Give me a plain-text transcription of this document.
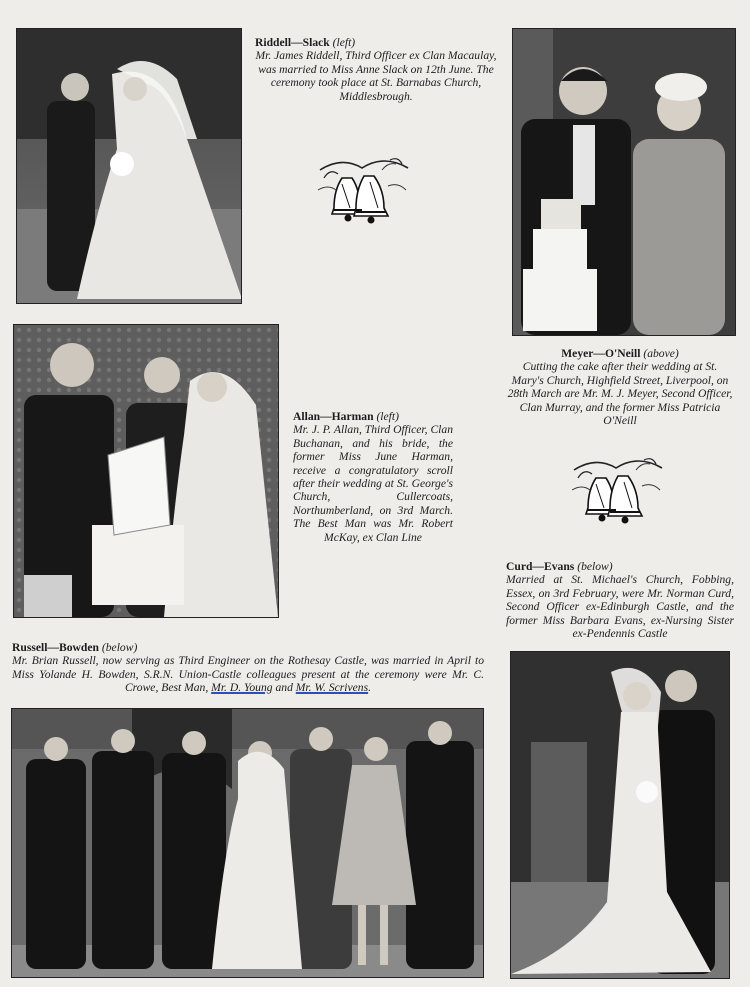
Riddell—Slack (left)
Mr. James Riddell, Third Officer ex Clan Macaulay, was married to Miss Anne Slack on 12th June. The ceremony took place at St. Barnabas Church, Middlesbrough.
Meyer—O'Neill (above)
Cutting the cake after their wedding at St. Mary's Church, Highfield Street, Liverpool, on 28th March are Mr. M. J. Meyer, Second Officer, Clan Murray, and the former Miss Patricia O'Neill
Allan—Harman (left)
Mr. J. P. Allan, Third Officer, Clan Buchanan, and his bride, the former Miss June Harman, receive a congratulatory scroll after their wedding at St. George's Church, Cullercoats, Northumberland, on 3rd March. The Best Man was Mr. Robert McKay, ex Clan Line
Curd—Evans (below)
Married at St. Michael's Church, Fobbing, Essex, on 3rd February, were Mr. Norman Curd, Second Officer ex-Edinburgh Castle, and the former Miss Barbara Evans, ex-Nursing Sister ex-Pendennis Castle
Russell—Bowden (below)
Mr. Brian Russell, now serving as Third Engineer on the Rothesay Castle, was married in April to Miss Yolande H. Bowden, S.R.N. Union-Castle colleagues present at the ceremony were Mr. C. Crowe, Best Man, Mr. D. Young and Mr. W. Scrivens.
